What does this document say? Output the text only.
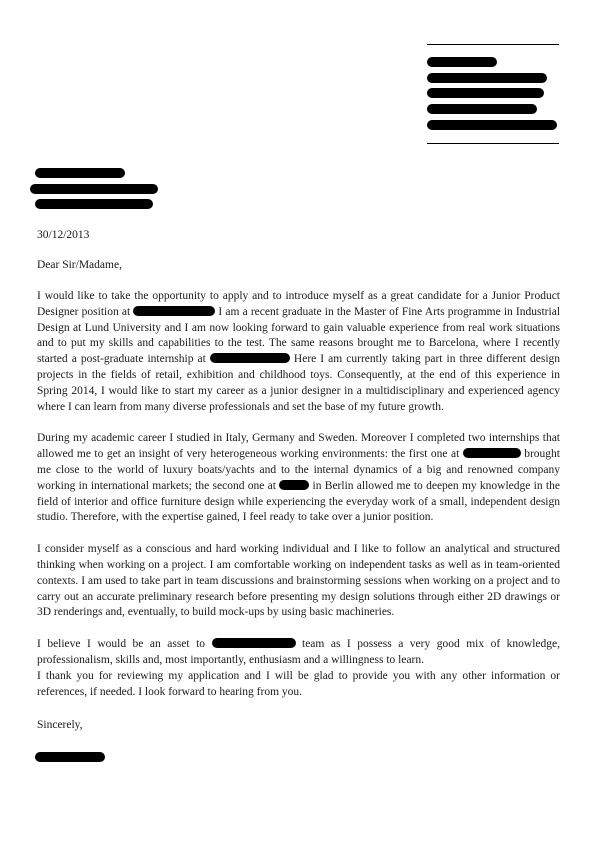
30/12/2013
Dear Sir/Madame,

I would like to take the opportunity to apply and to introduce myself as a great candidate for a Junior Product Designer position at	I am a recent graduate in the Master of Fine Arts programme in Industrial Design at Lund University and I am now looking forward to gain valuable experience from real work situations and to put my skills and capabilities to the test. The same reasons brought me to Barcelona, where I recently started a post-graduate internship at	Here I am currently taking part in three different design projects in the fields of retail, exhibition and childhood toys. Consequently, at the end of this experience in Spring 2014, I would like to start my career as a junior designer in a multidisciplinary and experienced agency where I can learn from many diverse professionals and set the base of my future growth.

During my academic career I studied in Italy, Germany and Sweden. Moreover I completed two internships that allowed me to get an insight of very heterogeneous working environments: the first one at	brought me close to the world of luxury boats/yachts and to the internal dynamics of a big and renowned company working in international markets; the second one at	in Berlin allowed me to deepen my knowledge in the field of interior and office furniture design while experiencing the everyday work of a small, independent design studio. Therefore, with the expertise gained, I feel ready to take over a junior position.

I consider myself as a conscious and hard working individual and I like to follow an analytical and structured thinking when working on a project. I am comfortable working on independent tasks as well as in team-oriented contexts. I am used to take part in team discussions and brainstorming sessions when working on a project and to carry out an accurate preliminary research before presenting my design solutions through either 2D drawings or 3D renderings and, eventually, to build mock-ups by using basic machineries.

I believe I would be an asset to	team as I possess a very good mix of knowledge, professionalism, skills and, most importantly, enthusiasm and a willingness to learn.
I thank you for reviewing my application and I will be glad to provide you with any other information or references, if needed. I look forward to hearing from you.

Sincerely,
